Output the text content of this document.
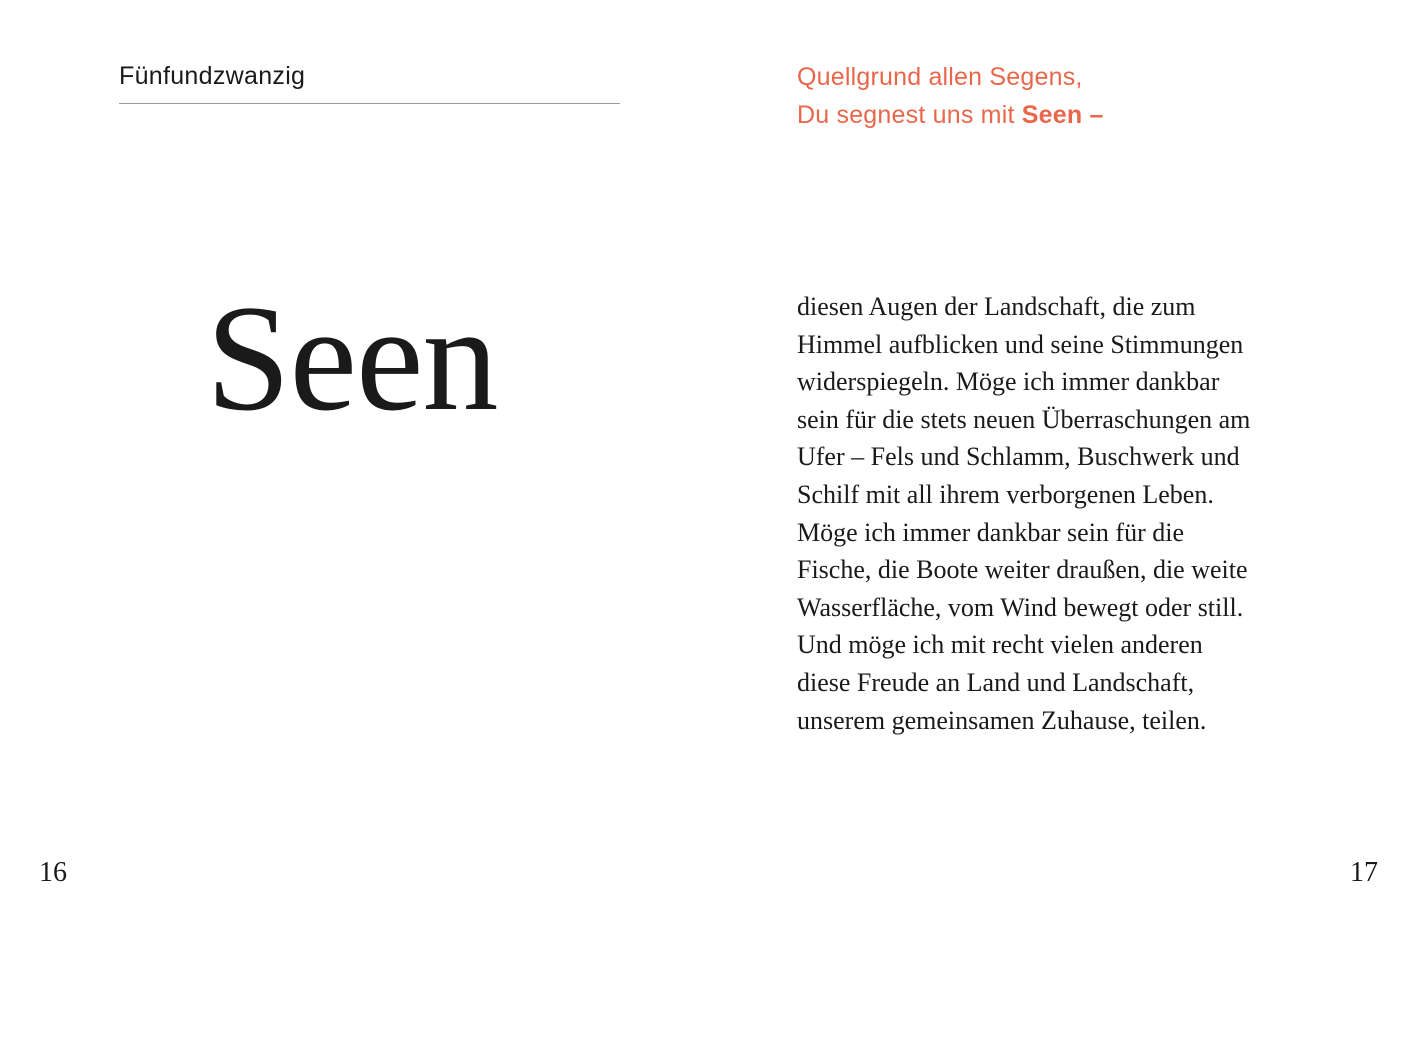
Fünfundzwanzig

Seen

16

Quellgrund allen Segens,
Du segnest uns mit Seen –

diesen Augen der Landschaft, die zum
Himmel aufblicken und seine Stimmungen
widerspiegeln. Möge ich immer dankbar
sein für die stets neuen Überraschungen am
Ufer – Fels und Schlamm, Buschwerk und
Schilf mit all ihrem verborgenen Leben.
Möge ich immer dankbar sein für die
Fische, die Boote weiter draußen, die weite
Wasserfläche, vom Wind bewegt oder still.
Und möge ich mit recht vielen anderen
diese Freude an Land und Landschaft,
unserem gemeinsamen Zuhause, teilen.

17
